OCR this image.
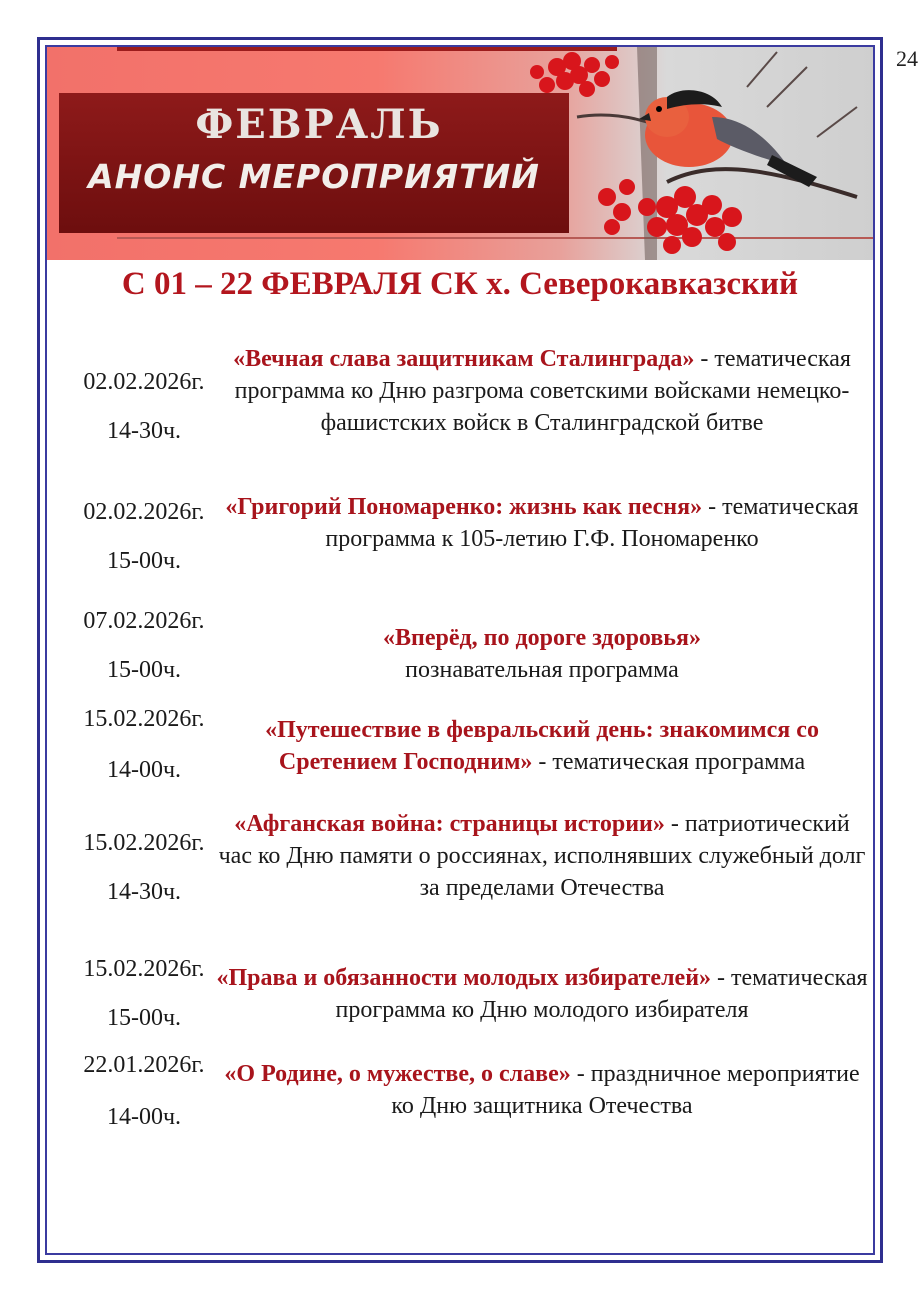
24
ФЕВРАЛЬ
АНОНС МЕРОПРИЯТИЙ
С 01 – 22 ФЕВРАЛЯ СК х. Северокавказский
02.02.2026г.
14-30ч.
«Вечная слава защитникам Сталинграда» - тематическая программа ко Дню разгрома советскими войсками немецко-фашистских войск в Сталинградской битве
02.02.2026г.
15-00ч.
«Григорий Пономаренко: жизнь как песня» - тематическая программа к 105-летию Г.Ф. Пономаренко
07.02.2026г.
15-00ч.
«Вперёд, по дороге здоровья» познавательная программа
15.02.2026г.
14-00ч.
«Путешествие в февральский день: знакомимся со Сретением Господним» - тематическая программа
15.02.2026г.
14-30ч.
«Афганская война: страницы истории» - патриотический час ко Дню памяти о россиянах, исполнявших служебный долг за пределами Отечества
15.02.2026г.
15-00ч.
«Права и обязанности молодых избирателей» - тематическая программа ко Дню молодого избирателя
22.01.2026г.
14-00ч.
«О Родине, о мужестве, о славе» - праздничное мероприятие ко Дню защитника Отечества
